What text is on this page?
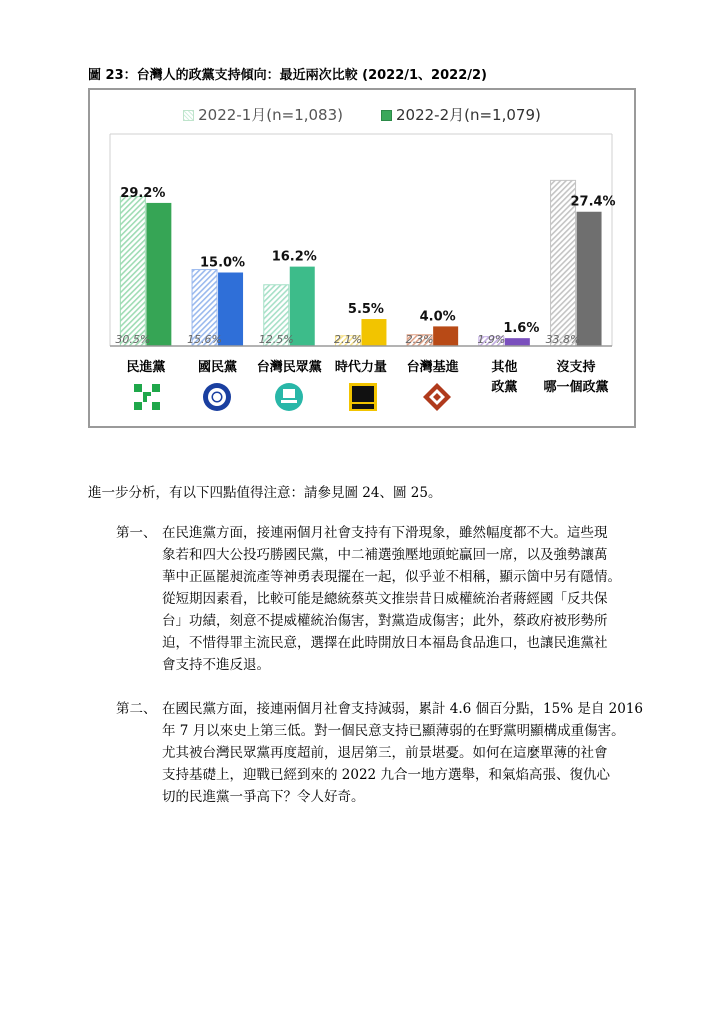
圖 23：台灣人的政黨支持傾向：最近兩次比較 (2022/1、2022/2)
2022-1月(n=1,083)	2022-2月(n=1,079)
30.5%
29.2%
15.6%
15.0%
12.5%
16.2%
2.1%
5.5%
2.3%
4.0%
1.9%
1.6%
33.8%
27.4%
民進黨	國民黨	台灣民眾黨	時代力量	台灣基進	其他
政黨
沒支持
哪一個政黨
進一步分析，有以下四點值得注意：請參見圖 24、圖 25。
第一、 在民進黨方面，接連兩個月社會支持有下滑現象，雖然幅度都不大。這些現
象若和四大公投巧勝國民黨，中二補選強壓地頭蛇贏回一席，以及強勢讓萬
華中正區罷昶流產等神勇表現擺在一起，似乎並不相稱，顯示箇中另有隱情。
從短期因素看，比較可能是總統蔡英文推崇昔日威權統治者蔣經國「反共保
台」功績，刻意不提威權統治傷害，對黨造成傷害；此外，蔡政府被形勢所
迫，不惜得罪主流民意，選擇在此時開放日本福島食品進口，也讓民進黨社
會支持不進反退。
第二、 在國民黨方面，接連兩個月社會支持減弱，累計 4.6 個百分點，15% 是自 2016
年 7 月以來史上第三低。對一個民意支持已顯薄弱的在野黨明顯構成重傷害。
尤其被台灣民眾黨再度超前，退居第三，前景堪憂。如何在這麼單薄的社會
支持基礎上，迎戰已經到來的 2022 九合一地方選舉，和氣焰高張、復仇心
切的民進黨一爭高下？令人好奇。
